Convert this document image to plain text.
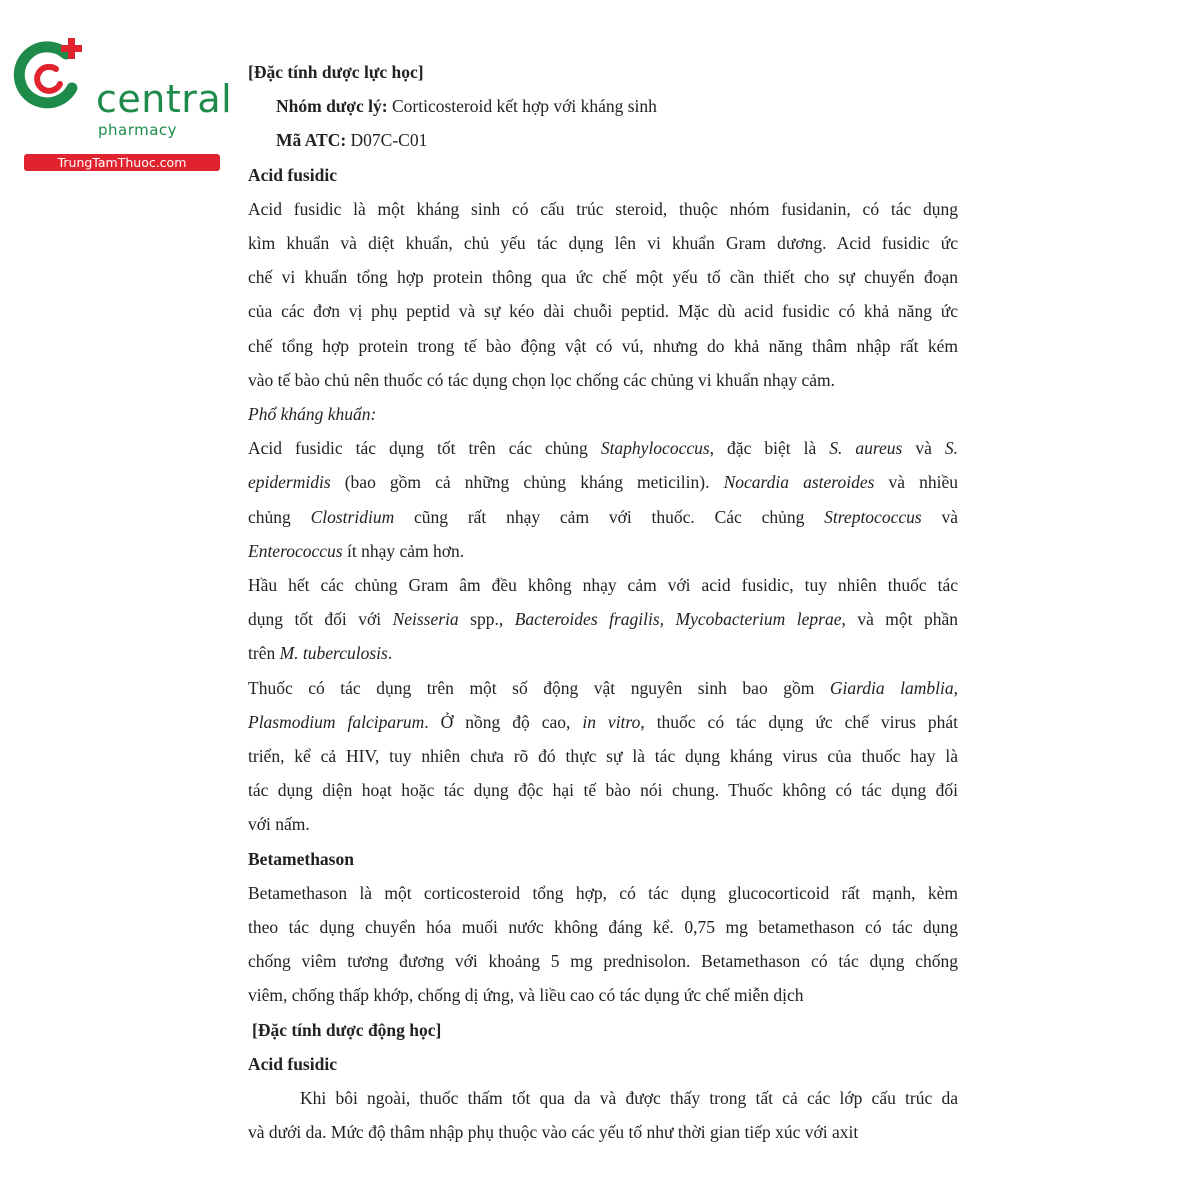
central
pharmacy
TrungTamThuoc.com

[Đặc tính dược lực học]

Nhóm dược lý: Corticosteroid kết hợp với kháng sinh

Mã ATC: D07C-C01

Acid fusidic

Acid fusidic là một kháng sinh có cấu trúc steroid, thuộc nhóm fusidanin, có tác dụng

kìm khuẩn và diệt khuẩn, chủ yếu tác dụng lên vi khuẩn Gram dương. Acid fusidic ức

chế vi khuẩn tổng hợp protein thông qua ức chế một yếu tố cần thiết cho sự chuyển đoạn

của các đơn vị phụ peptid và sự kéo dài chuỗi peptid. Mặc dù acid fusidic có khả năng ức

chế tổng hợp protein trong tế bào động vật có vú, nhưng do khả năng thâm nhập rất kém

vào tế bào chủ nên thuốc có tác dụng chọn lọc chống các chủng vi khuẩn nhạy cảm.

Phổ kháng khuẩn:

Acid fusidic tác dụng tốt trên các chủng Staphylococcus, đặc biệt là S. aureus và S.

epidermidis (bao gồm cả những chủng kháng meticilin). Nocardia asteroides và nhiều

chủng Clostridium cũng rất nhạy cảm với thuốc. Các chủng Streptococcus và

Enterococcus ít nhạy cảm hơn.

Hầu hết các chủng Gram âm đều không nhạy cảm với acid fusidic, tuy nhiên thuốc tác

dụng tốt đối với Neisseria spp., Bacteroides fragilis, Mycobacterium leprae, và một phần

trên M. tuberculosis.

Thuốc có tác dụng trên một số động vật nguyên sinh bao gồm Giardia lamblia,

Plasmodium falciparum. Ở nồng độ cao, in vitro, thuốc có tác dụng ức chế virus phát

triển, kể cả HIV, tuy nhiên chưa rõ đó thực sự là tác dụng kháng virus của thuốc hay là

tác dụng diện hoạt hoặc tác dụng độc hại tế bào nói chung. Thuốc không có tác dụng đối

với nấm.

Betamethason

Betamethason là một corticosteroid tổng hợp, có tác dụng glucocorticoid rất mạnh, kèm

theo tác dụng chuyển hóa muối nước không đáng kể. 0,75 mg betamethason có tác dụng

chống viêm tương đương với khoảng 5 mg prednisolon. Betamethason có tác dụng chống

viêm, chống thấp khớp, chống dị ứng, và liều cao có tác dụng ức chế miễn dịch

[Đặc tính dược động học]

Acid fusidic

Khi bôi ngoài, thuốc thấm tốt qua da và được thấy trong tất cả các lớp cấu trúc da

và dưới da. Mức độ thâm nhập phụ thuộc vào các yếu tố như thời gian tiếp xúc với axit
